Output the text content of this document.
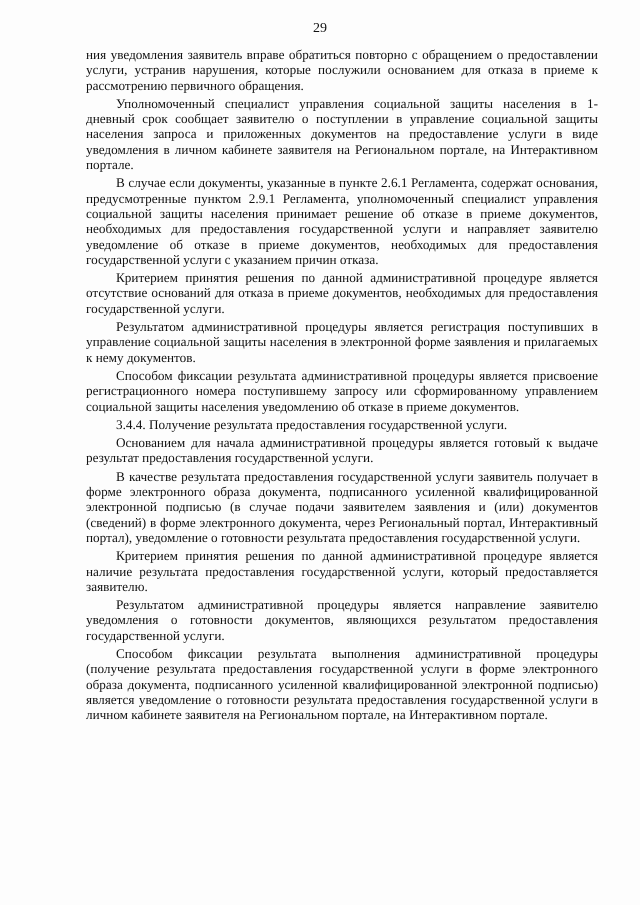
29

ния уведомления заявитель вправе обратиться повторно с обращением о предоставлении услуги, устранив нарушения, которые послужили основанием для отказа в приеме к рассмотрению первичного обращения.

Уполномоченный специалист управления социальной защиты населения в 1-дневный срок сообщает заявителю о поступлении в управление социальной защиты населения запроса и приложенных документов на предоставление услуги в виде уведомления в личном кабинете заявителя на Региональном портале, на Интерактивном портале.

В случае если документы, указанные в пункте 2.6.1 Регламента, содержат основания, предусмотренные пунктом 2.9.1 Регламента, уполномоченный специалист управления социальной защиты населения принимает решение об отказе в приеме документов, необходимых для предоставления государственной услуги и направляет заявителю уведомление об отказе в приеме документов, необходимых для предоставления государственной услуги с указанием причин отказа.

Критерием принятия решения по данной административной процедуре является отсутствие оснований для отказа в приеме документов, необходимых для предоставления государственной услуги.

Результатом административной процедуры является регистрация поступивших в управление социальной защиты населения в электронной форме заявления и прилагаемых к нему документов.

Способом фиксации результата административной процедуры является присвоение регистрационного номера поступившему запросу или сформированному управлением социальной защиты населения уведомлению об отказе в приеме документов.

3.4.4. Получение результата предоставления государственной услуги.

Основанием для начала административной процедуры является готовый к выдаче результат предоставления государственной услуги.

В качестве результата предоставления государственной услуги заявитель получает в форме электронного образа документа, подписанного усиленной квалифицированной электронной подписью (в случае подачи заявителем заявления и (или) документов (сведений) в форме электронного документа, через Региональный портал, Интерактивный портал), уведомление о готовности результата предоставления государственной услуги.

Критерием принятия решения по данной административной процедуре является наличие результата предоставления государственной услуги, который предоставляется заявителю.

Результатом административной процедуры является направление заявителю уведомления о готовности документов, являющихся результатом предоставления государственной услуги.

Способом фиксации результата выполнения административной процедуры (получение результата предоставления государственной услуги в форме электронного образа документа, подписанного усиленной квалифицированной электронной подписью) является уведомление о готовности результата предоставления государственной услуги в личном кабинете заявителя на Региональном портале, на Интерактивном портале.
